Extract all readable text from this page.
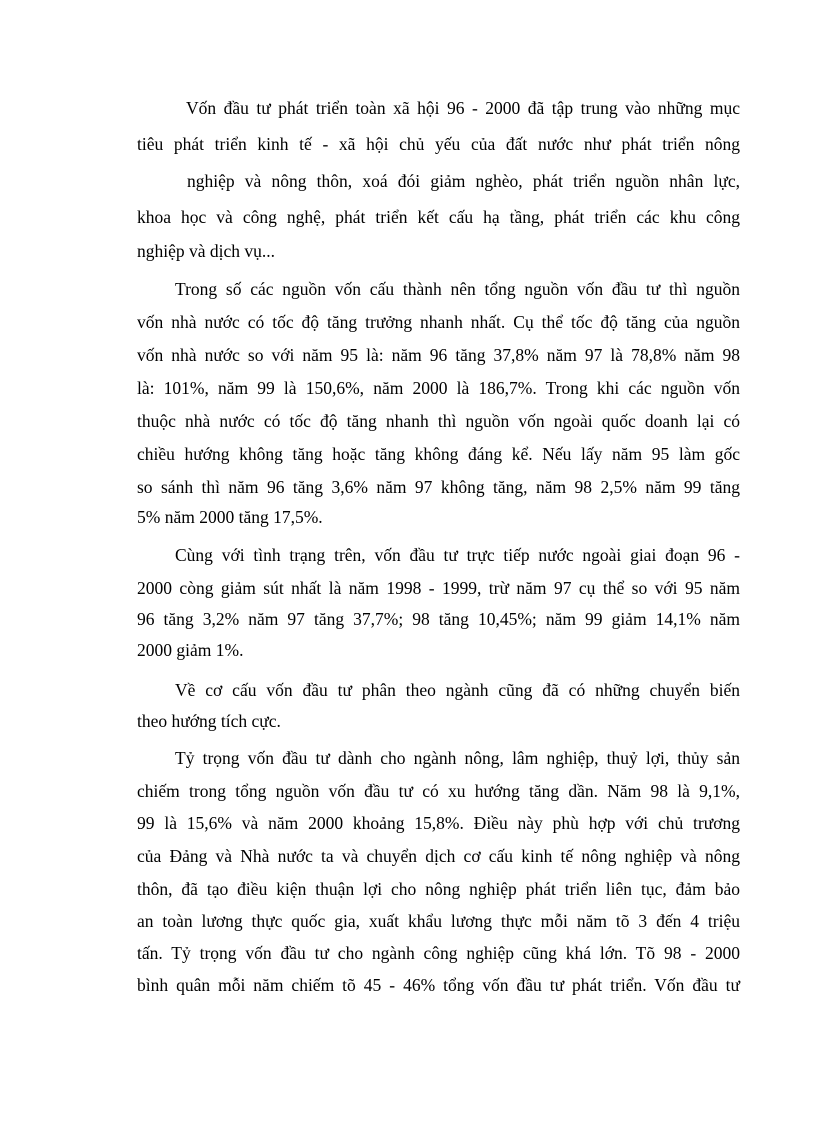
Vốn đầu tư phát triển toàn xã hội 96 - 2000 đã tập trung vào những mục
tiêu phát triển kinh tế - xã hội chủ yếu của đất nước như phát triển nông
nghiệp và nông thôn, xoá đói giảm nghèo, phát triển nguồn nhân lực,
khoa học và công nghệ, phát triển kết cấu hạ tầng, phát triển các khu công
nghiệp và dịch vụ...
Trong số các nguồn vốn cấu thành nên tổng nguồn vốn đầu tư thì nguồn
vốn nhà nước có tốc độ tăng trưởng nhanh nhất. Cụ thể tốc độ tăng của nguồn
vốn nhà nước so với năm 95 là: năm 96 tăng 37,8% năm 97 là 78,8% năm 98
là: 101%, năm 99 là 150,6%, năm 2000 là 186,7%. Trong khi các nguồn vốn
thuộc nhà nước có tốc độ tăng nhanh thì nguồn vốn ngoài quốc doanh lại có
chiều hướng không tăng hoặc tăng không đáng kể. Nếu lấy năm 95 làm gốc
so sánh thì năm 96 tăng 3,6% năm 97 không tăng, năm 98 2,5% năm 99 tăng
5% năm 2000 tăng 17,5%.
Cùng với tình trạng trên, vốn đầu tư trực tiếp nước ngoài giai đoạn 96 -
2000 còng giảm sút nhất là năm 1998 - 1999, trừ năm 97 cụ thể so với 95 năm
96 tăng 3,2% năm 97 tăng 37,7%; 98 tăng 10,45%; năm 99 giảm 14,1% năm
2000 giảm 1%.
Về cơ cấu vốn đầu tư phân theo ngành cũng đã có những chuyển biến
theo hướng tích cực.
Tỷ trọng vốn đầu tư dành cho ngành nông, lâm nghiệp, thuỷ lợi, thủy sản
chiếm trong tổng nguồn vốn đầu tư có xu hướng tăng dần. Năm 98 là 9,1%,
99 là 15,6% và năm 2000 khoảng 15,8%. Điều này phù hợp với chủ trương
của Đảng và Nhà nước ta và chuyển dịch cơ cấu kinh tế nông nghiệp và nông
thôn, đã tạo điều kiện thuận lợi cho nông nghiệp phát triển liên tục, đảm bảo
an toàn lương thực quốc gia, xuất khẩu lương thực mỗi năm tõ 3 đến 4 triệu
tấn. Tỷ trọng vốn đầu tư cho ngành công nghiệp cũng khá lớn. Tõ 98 - 2000
bình quân mỗi năm chiếm tõ 45 - 46% tổng vốn đầu tư phát triển. Vốn đầu tư
